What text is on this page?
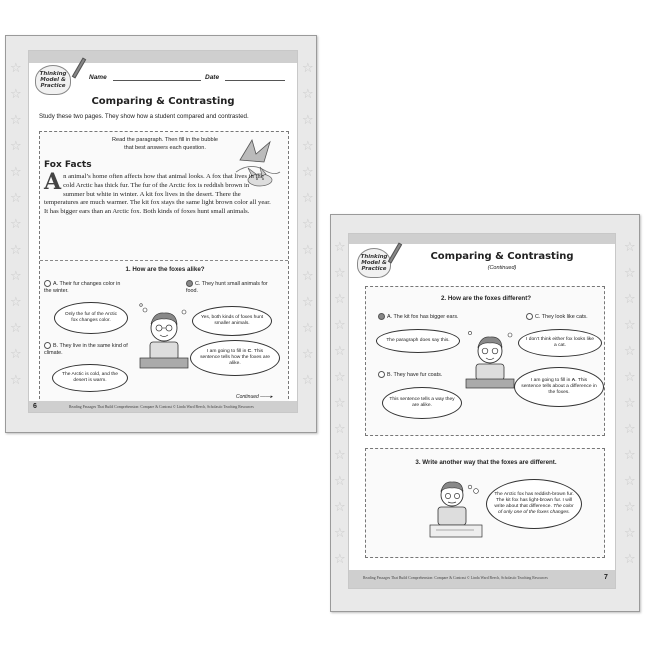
☆
☆
☆
☆
☆
☆
☆
☆
☆
☆
☆
☆
☆
☆
☆
☆
☆
☆
☆
☆
☆
☆
☆
☆
☆
☆
Thinking Model & Practice
Name	Date
Comparing & Contrasting
Study these two pages. They show how a student compared and contrasted.
Read the paragraph. Then fill in the bubble that best answers each question.
Fox Facts
An animal’s home often affects how that animal looks. A fox that lives in the cold Arctic has thick fur. The fur of the Arctic fox is reddish brown in summer but white in winter. A kit fox lives in the desert. There the temperatures are much warmer. The kit fox stays the same light brown color all year. It has bigger ears than an Arctic fox. Both kinds of foxes hunt small animals.
1. How are the foxes alike?
A. Their fur changes color in the winter.
B. They live in the same kind of climate.
C. They hunt small animals for food.
Only the fur of the Arctic fox changes color.
The Arctic is cold, and the desert is warm.
Yes, both kinds of foxes hunt smaller animals.
I am going to fill in C. This sentence tells how the foxes are alike.
Continued ——▸
6	Reading Passages That Build Comprehension: Compare & Contrast © Linda Ward Beech, Scholastic Teaching Resources
☆
☆
☆
☆
☆
☆
☆
☆
☆
☆
☆
☆
☆
☆
☆
☆
☆
☆
☆
☆
☆
☆
☆
☆
☆
☆
Thinking Model & Practice
Comparing & Contrasting
(Continued)
2. How are the foxes different?
A. The kit fox has bigger ears.
B. They have fur coats.
C. They look like cats.
The paragraph does say this.
This sentence tells a way they are alike.
I don’t think either fox looks like a cat.
I am going to fill in A. This sentence tells about a difference in the foxes.
3. Write another way that the foxes are different.
The Arctic fox has reddish-brown fur. The kit fox has light-brown fur. I will write about that difference. The color of only one of the foxes changes.
Reading Passages That Build Comprehension: Compare & Contrast © Linda Ward Beech, Scholastic Teaching Resources	7
